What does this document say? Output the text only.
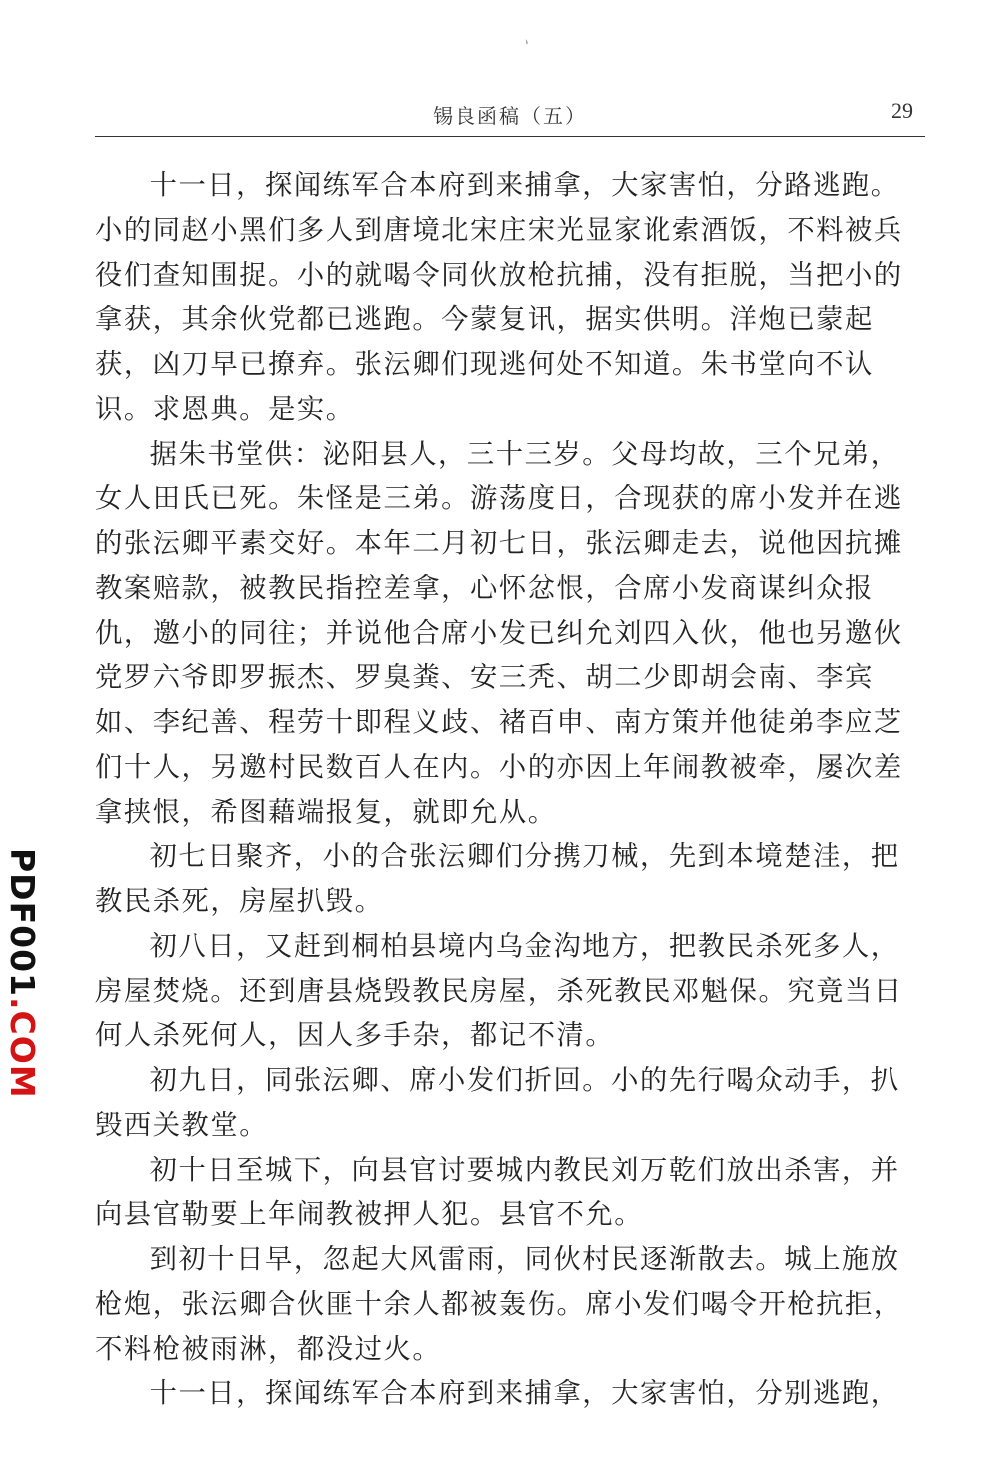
、
锡良函稿（五）	29
PDF001.COM
十一日，探闻练军合本府到来捕拿，大家害怕，分路逃跑。
小的同赵小黑们多人到唐境北宋庄宋光显家讹索酒饭，不料被兵
役们查知围捉。小的就喝令同伙放枪抗捕，没有拒脱，当把小的
拿获，其余伙党都已逃跑。今蒙复讯，据实供明。洋炮已蒙起
获，凶刀早已撩弃。张沄卿们现逃何处不知道。朱书堂向不认
识。求恩典。是实。
据朱书堂供：泌阳县人，三十三岁。父母均故，三个兄弟，
女人田氏已死。朱怪是三弟。游荡度日，合现获的席小发并在逃
的张沄卿平素交好。本年二月初七日，张沄卿走去，说他因抗摊
教案赔款，被教民指控差拿，心怀忿恨，合席小发商谋纠众报
仇，邀小的同往；并说他合席小发已纠允刘四入伙，他也另邀伙
党罗六爷即罗振杰、罗臭粪、安三秃、胡二少即胡会南、李宾
如、李纪善、程劳十即程义歧、褚百申、南方策并他徒弟李应芝
们十人，另邀村民数百人在内。小的亦因上年闹教被牵，屡次差
拿挟恨，希图藉端报复，就即允从。
初七日聚齐，小的合张沄卿们分携刀械，先到本境楚洼，把
教民杀死，房屋扒毁。
初八日，又赶到桐柏县境内乌金沟地方，把教民杀死多人，
房屋焚烧。还到唐县烧毁教民房屋，杀死教民邓魁保。究竟当日
何人杀死何人，因人多手杂，都记不清。
初九日，同张沄卿、席小发们折回。小的先行喝众动手，扒
毁西关教堂。
初十日至城下，向县官讨要城内教民刘万乾们放出杀害，并
向县官勒要上年闹教被押人犯。县官不允。
到初十日早，忽起大风雷雨，同伙村民逐渐散去。城上施放
枪炮，张沄卿合伙匪十余人都被轰伤。席小发们喝令开枪抗拒，
不料枪被雨淋，都没过火。
十一日，探闻练军合本府到来捕拿，大家害怕，分别逃跑，
